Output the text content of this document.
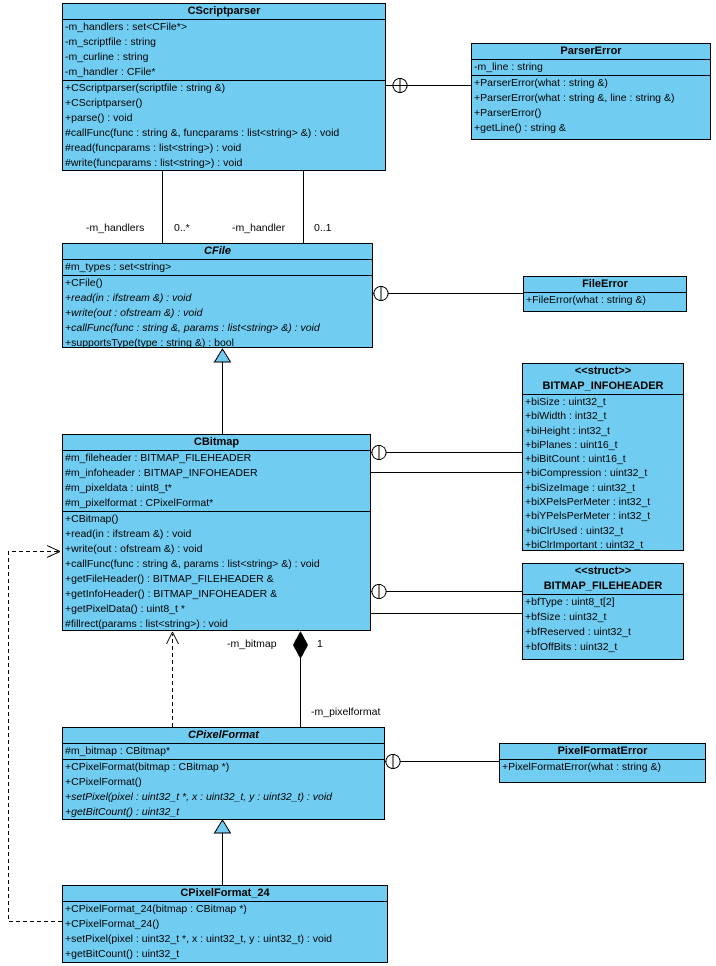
CScriptparser
-m_handlers : set<CFile*>
-m_scriptfile : string
-m_curline : string
-m_handler : CFile*
+CScriptparser(scriptfile : string &)
+CScriptparser()
+parse() : void
#callFunc(func : string &, funcparams : list<string> &) : void
#read(funcparams : list<string>) : void
#write(funcparams : list<string>) : void
ParserError
-m_line : string
+ParserError(what : string &)
+ParserError(what : string &, line : string &)
+ParserError()
+getLine() : string &
CFile
#m_types : set<string>
+CFile()
+read(in : ifstream &) : void
+write(out : ofstream &) : void
+callFunc(func : string &, params : list<string> &) : void
+supportsType(type : string &) : bool
FileError
+FileError(what : string &)
CBitmap
#m_fileheader : BITMAP_FILEHEADER
#m_infoheader : BITMAP_INFOHEADER
#m_pixeldata : uint8_t*
#m_pixelformat : CPixelFormat*
+CBitmap()
+read(in : ifstream &) : void
+write(out : ofstream &) : void
+callFunc(func : string &, params : list<string> &) : void
+getFileHeader() : BITMAP_FILEHEADER &
+getInfoHeader() : BITMAP_INFOHEADER &
+getPixelData() : uint8_t *
#fillrect(params : list<string>) : void
<<struct>>
BITMAP_INFOHEADER
+biSize : uint32_t
+biWidth : int32_t
+biHeight : int32_t
+biPlanes : uint16_t
+biBitCount : uint16_t
+biCompression : uint32_t
+biSizeImage : uint32_t
+biXPelsPerMeter : int32_t
+biYPelsPerMeter : int32_t
+biClrUsed : uint32_t
+biClrImportant : uint32_t
<<struct>>
BITMAP_FILEHEADER
+bfType : uint8_t[2]
+bfSize : uint32_t
+bfReserved : uint32_t
+bfOffBits : uint32_t
CPixelFormat
#m_bitmap : CBitmap*
+CPixelFormat(bitmap : CBitmap *)
+CPixelFormat()
+setPixel(pixel : uint32_t *, x : uint32_t, y : uint32_t) : void
+getBitCount() : uint32_t
PixelFormatError
+PixelFormatError(what : string &)
CPixelFormat_24
+CPixelFormat_24(bitmap : CBitmap *)
+CPixelFormat_24()
+setPixel(pixel : uint32_t *, x : uint32_t, y : uint32_t) : void
+getBitCount() : uint32_t
-m_handlers	0..*	-m_handler	0..1
-m_bitmap	1
-m_pixelformat
